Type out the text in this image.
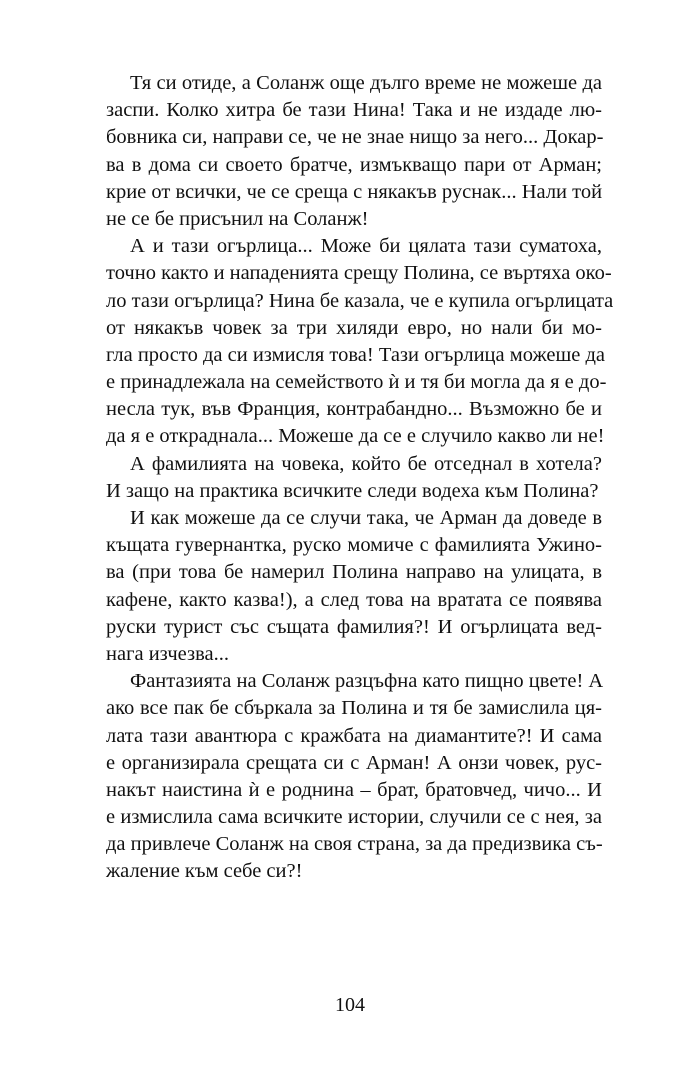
Тя си отиде, а Соланж още дълго време не можеше да
заспи. Колко хитра бе тази Нина! Така и не издаде лю-
бовника си, направи се, че не знае нищо за него... Докар-
ва в дома си своето братче, измъкващо пари от Арман;
крие от всички, че се среща с някакъв руснак... Нали той
не се бе присънил на Соланж!
А и тази огърлица... Може би цялата тази суматоха,
точно както и нападенията срещу Полина, се въртяха око-
ло тази огърлица? Нина бе казала, че е купила огърлицата
от някакъв човек за три хиляди евро, но нали би мо-
гла просто да си измисля това! Тази огърлица можеше да
е принадлежала на семейството ѝ и тя би могла да я е до-
несла тук, във Франция, контрабандно... Възможно бе и
да я е откраднала... Можеше да се е случило какво ли не!
А фамилията на човека, който бе отседнал в хотела?
И защо на практика всичките следи водеха към Полина?
И как можеше да се случи така, че Арман да доведе в
къщата гувернантка, руско момиче с фамилията Ужино-
ва (при това бе намерил Полина направо на улицата, в
кафене, както казва!), а след това на вратата се появява
руски турист със същата фамилия?! И огърлицата вед-
нага изчезва...
Фантазията на Соланж разцъфна като пищно цвете! А
ако все пак бе сбъркала за Полина и тя бе замислила ця-
лата тази авантюра с кражбата на диамантите?! И сама
е организирала срещата си с Арман! А онзи човек, рус-
накът наистина ѝ е роднина – брат, братовчед, чичо... И
е измислила сама всичките истории, случили се с нея, за
да привлече Соланж на своя страна, за да предизвика съ-
жаление към себе си?!
104
